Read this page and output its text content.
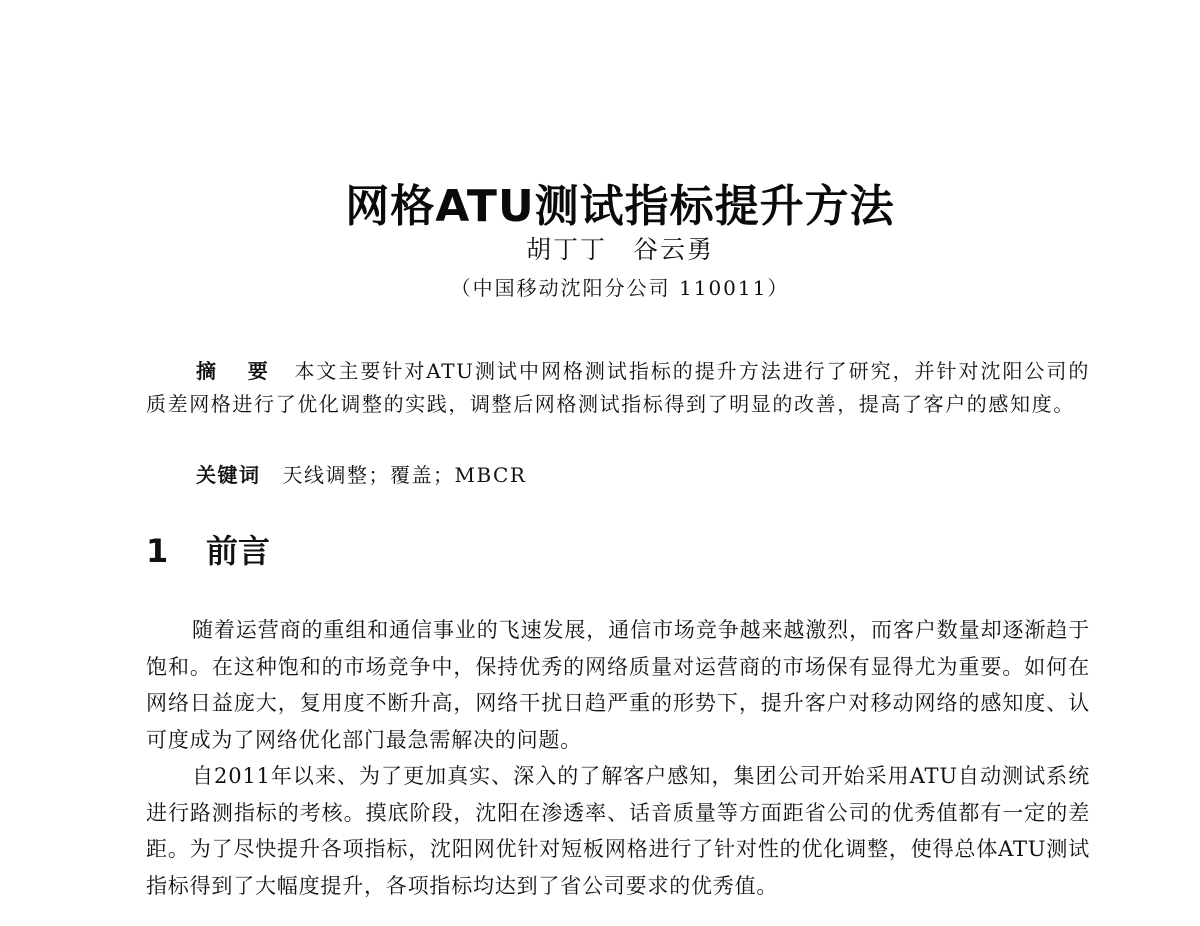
网格ATU测试指标提升方法
胡丁丁 谷云勇
（中国移动沈阳分公司 110011）
摘 要 本文主要针对ATU测试中网格测试指标的提升方法进行了研究，并针对沈阳公司的质差网格进行了优化调整的实践，调整后网格测试指标得到了明显的改善，提高了客户的感知度。
关键词 天线调整；覆盖；MBCR
1 前言

随着运营商的重组和通信事业的飞速发展，通信市场竞争越来越激烈，而客户数量却逐渐趋于饱和。在这种饱和的市场竞争中，保持优秀的网络质量对运营商的市场保有显得尤为重要。如何在网络日益庞大，复用度不断升高，网络干扰日趋严重的形势下，提升客户对移动网络的感知度、认可度成为了网络优化部门最急需解决的问题。

自2011年以来、为了更加真实、深入的了解客户感知，集团公司开始采用ATU自动测试系统进行路测指标的考核。摸底阶段，沈阳在渗透率、话音质量等方面距省公司的优秀值都有一定的差距。为了尽快提升各项指标，沈阳网优针对短板网格进行了针对性的优化调整，使得总体ATU测试指标得到了大幅度提升，各项指标均达到了省公司要求的优秀值。
